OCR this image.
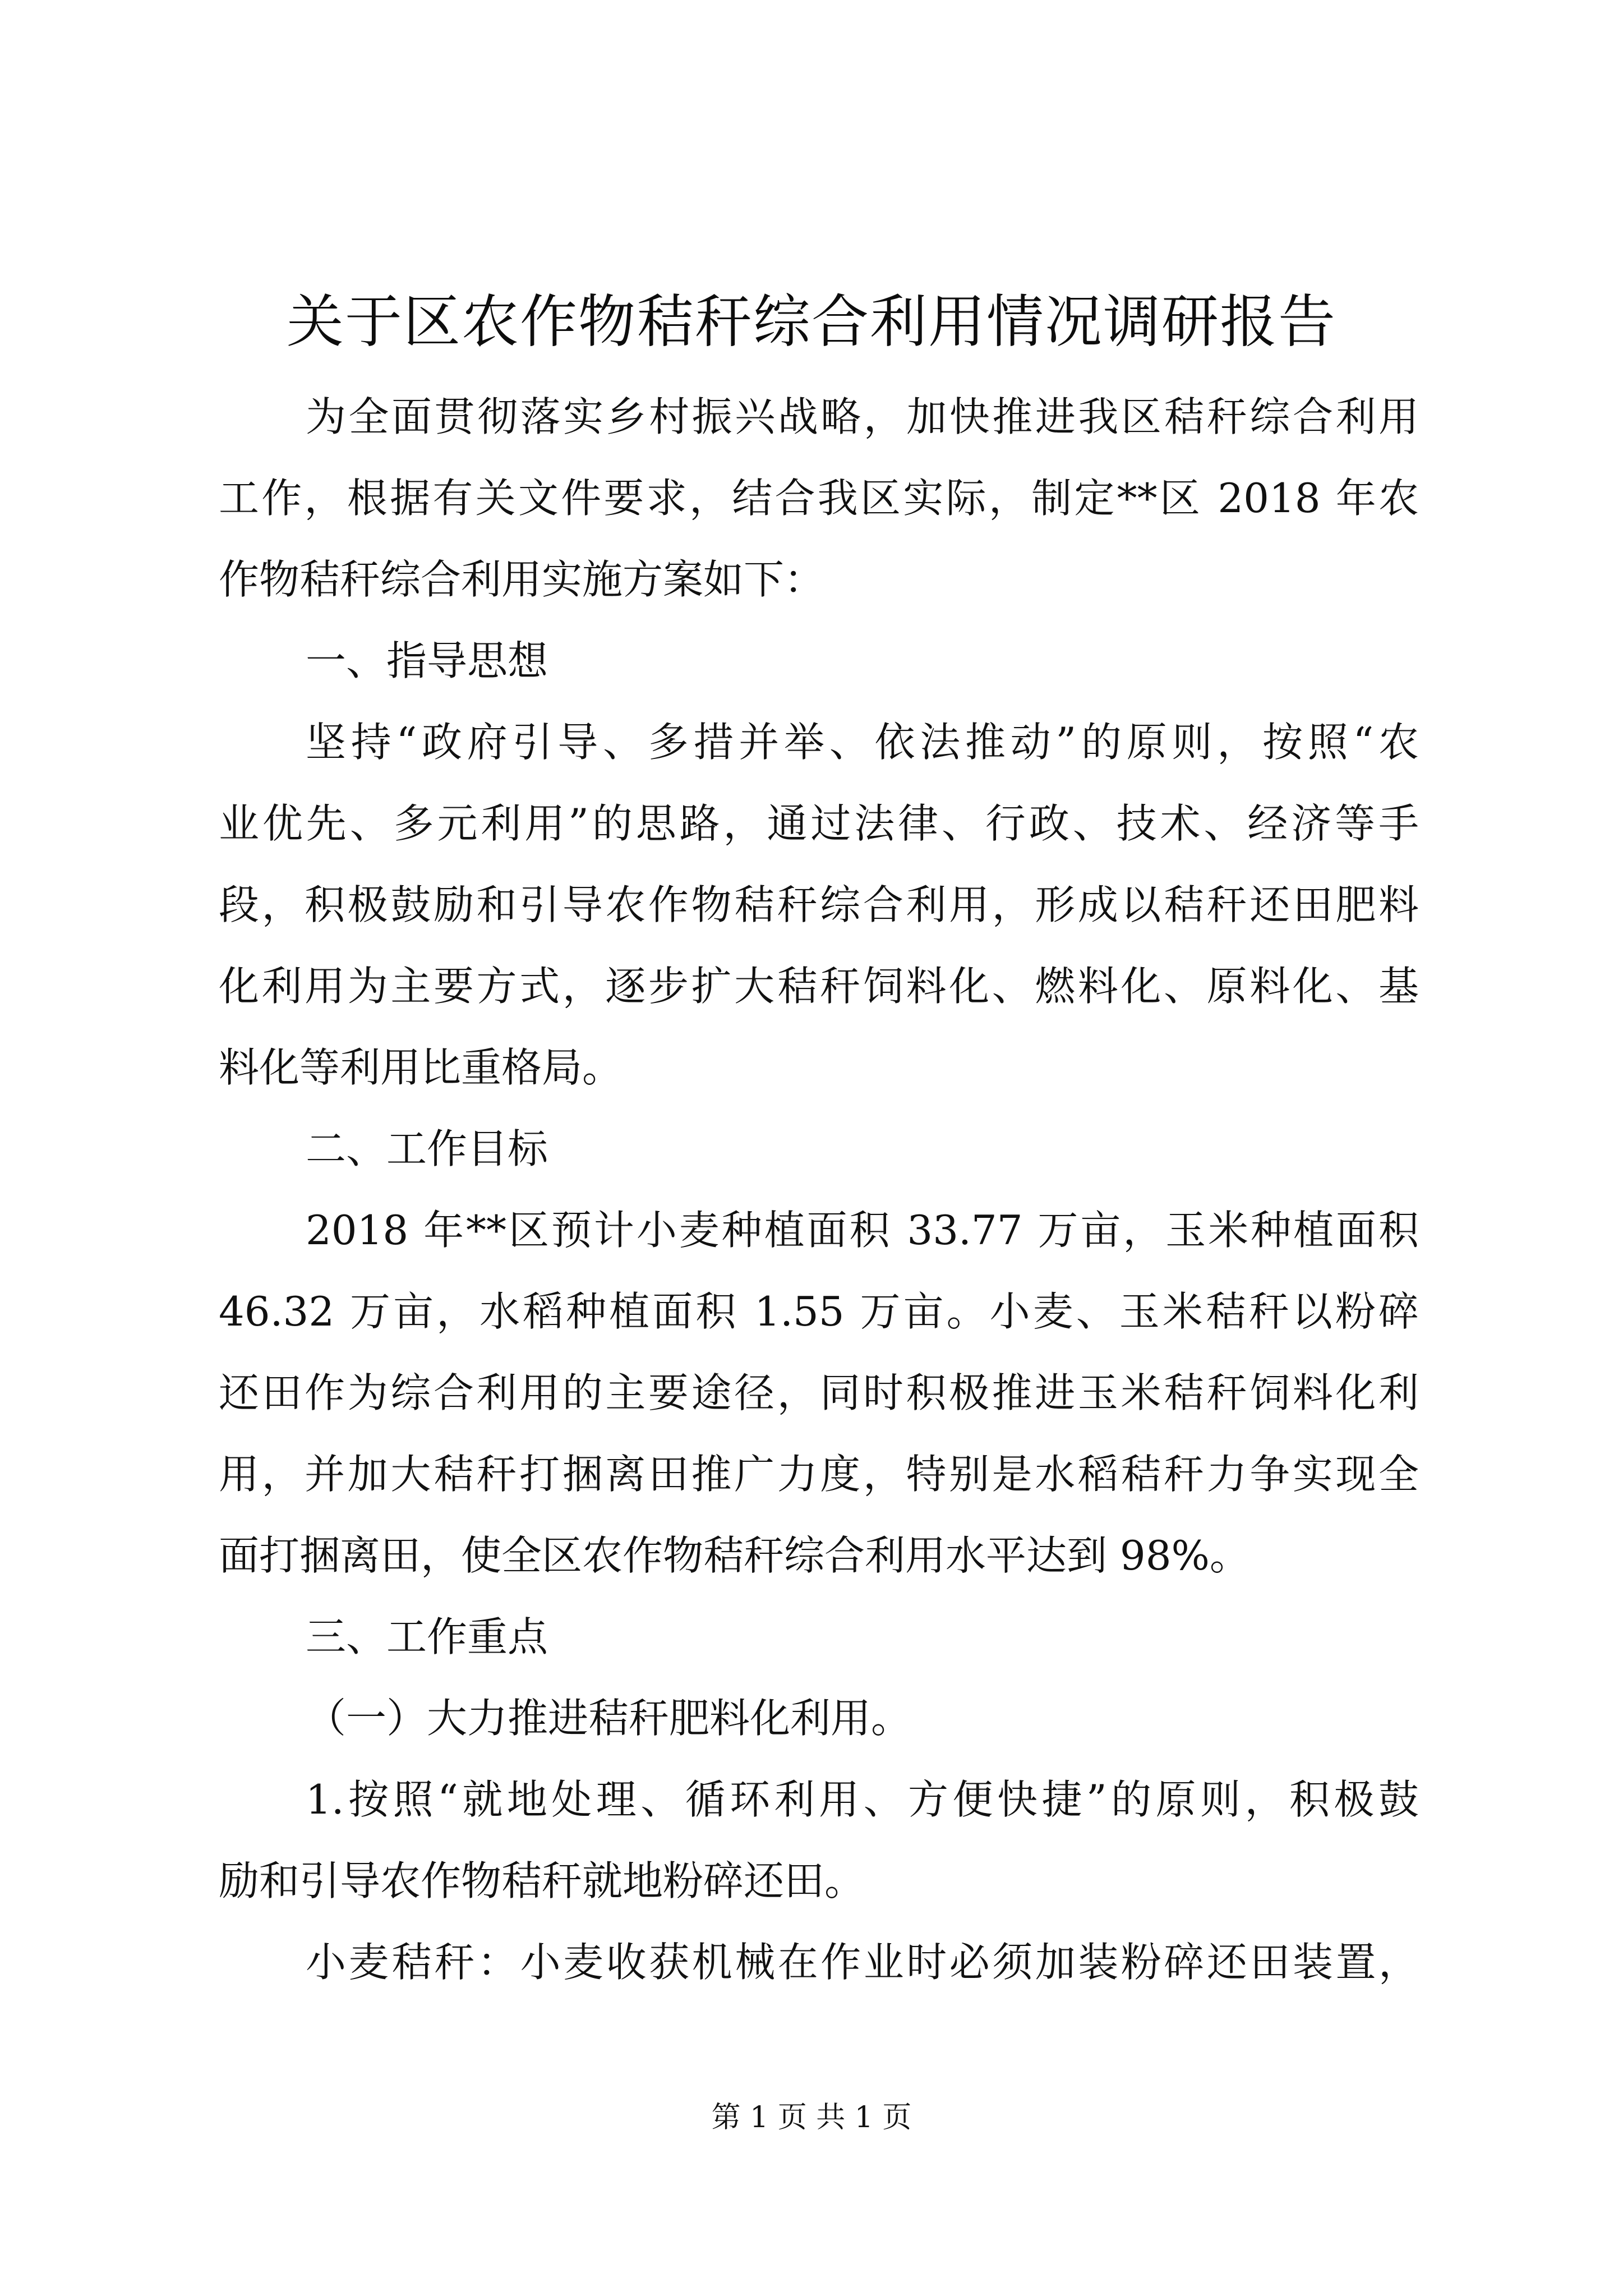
关于区农作物秸秆综合利用情况调研报告
为全面贯彻落实乡村振兴战略，加快推进我区秸秆综合利用
工作，根据有关文件要求，结合我区实际，制定**区 2018 年农
作物秸秆综合利用实施方案如下：
一、指导思想
坚持“政府引导、多措并举、依法推动”的原则，按照“农
业优先、多元利用”的思路，通过法律、行政、技术、经济等手
段，积极鼓励和引导农作物秸秆综合利用，形成以秸秆还田肥料
化利用为主要方式，逐步扩大秸秆饲料化、燃料化、原料化、基
料化等利用比重格局。
二、工作目标
2018 年**区预计小麦种植面积 33.77 万亩，玉米种植面积
46.32 万亩，水稻种植面积 1.55 万亩。小麦、玉米秸秆以粉碎
还田作为综合利用的主要途径，同时积极推进玉米秸秆饲料化利
用，并加大秸秆打捆离田推广力度，特别是水稻秸秆力争实现全
面打捆离田，使全区农作物秸秆综合利用水平达到 98%。
三、工作重点
（一）大力推进秸秆肥料化利用。
1.按照“就地处理、循环利用、方便快捷”的原则，积极鼓
励和引导农作物秸秆就地粉碎还田。
小麦秸秆：小麦收获机械在作业时必须加装粉碎还田装置，
第 1 页 共 1 页
